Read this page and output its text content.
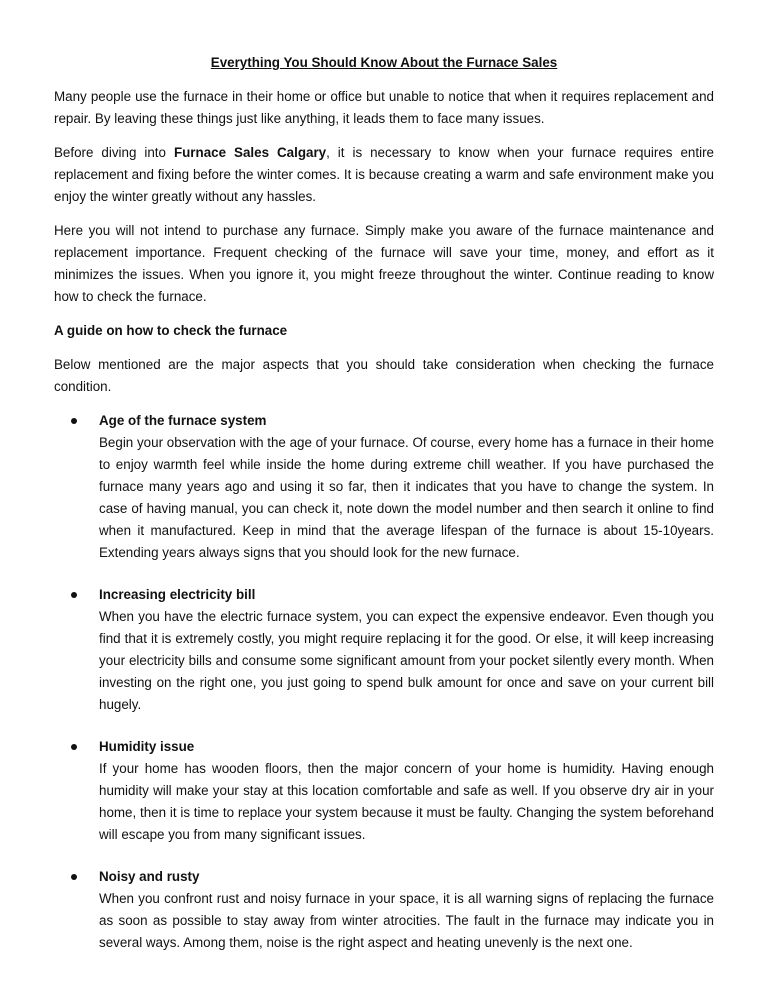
Everything You Should Know About the Furnace Sales

Many people use the furnace in their home or office but unable to notice that when it requires replacement and repair. By leaving these things just like anything, it leads them to face many issues.

Before diving into Furnace Sales Calgary, it is necessary to know when your furnace requires entire replacement and fixing before the winter comes. It is because creating a warm and safe environment make you enjoy the winter greatly without any hassles.

Here you will not intend to purchase any furnace. Simply make you aware of the furnace maintenance and replacement importance. Frequent checking of the furnace will save your time, money, and effort as it minimizes the issues. When you ignore it, you might freeze throughout the winter. Continue reading to know how to check the furnace.

A guide on how to check the furnace

Below mentioned are the major aspects that you should take consideration when checking the furnace condition.

Age of the furnace system
Begin your observation with the age of your furnace. Of course, every home has a furnace in their home to enjoy warmth feel while inside the home during extreme chill weather. If you have purchased the furnace many years ago and using it so far, then it indicates that you have to change the system. In case of having manual, you can check it, note down the model number and then search it online to find when it manufactured. Keep in mind that the average lifespan of the furnace is about 15-10years. Extending years always signs that you should look for the new furnace.
Increasing electricity bill
When you have the electric furnace system, you can expect the expensive endeavor. Even though you find that it is extremely costly, you might require replacing it for the good. Or else, it will keep increasing your electricity bills and consume some significant amount from your pocket silently every month. When investing on the right one, you just going to spend bulk amount for once and save on your current bill hugely.
Humidity issue
If your home has wooden floors, then the major concern of your home is humidity. Having enough humidity will make your stay at this location comfortable and safe as well. If you observe dry air in your home, then it is time to replace your system because it must be faulty. Changing the system beforehand will escape you from many significant issues.
Noisy and rusty
When you confront rust and noisy furnace in your space, it is all warning signs of replacing the furnace as soon as possible to stay away from winter atrocities. The fault in the furnace may indicate you in several ways. Among them, noise is the right aspect and heating unevenly is the next one.
